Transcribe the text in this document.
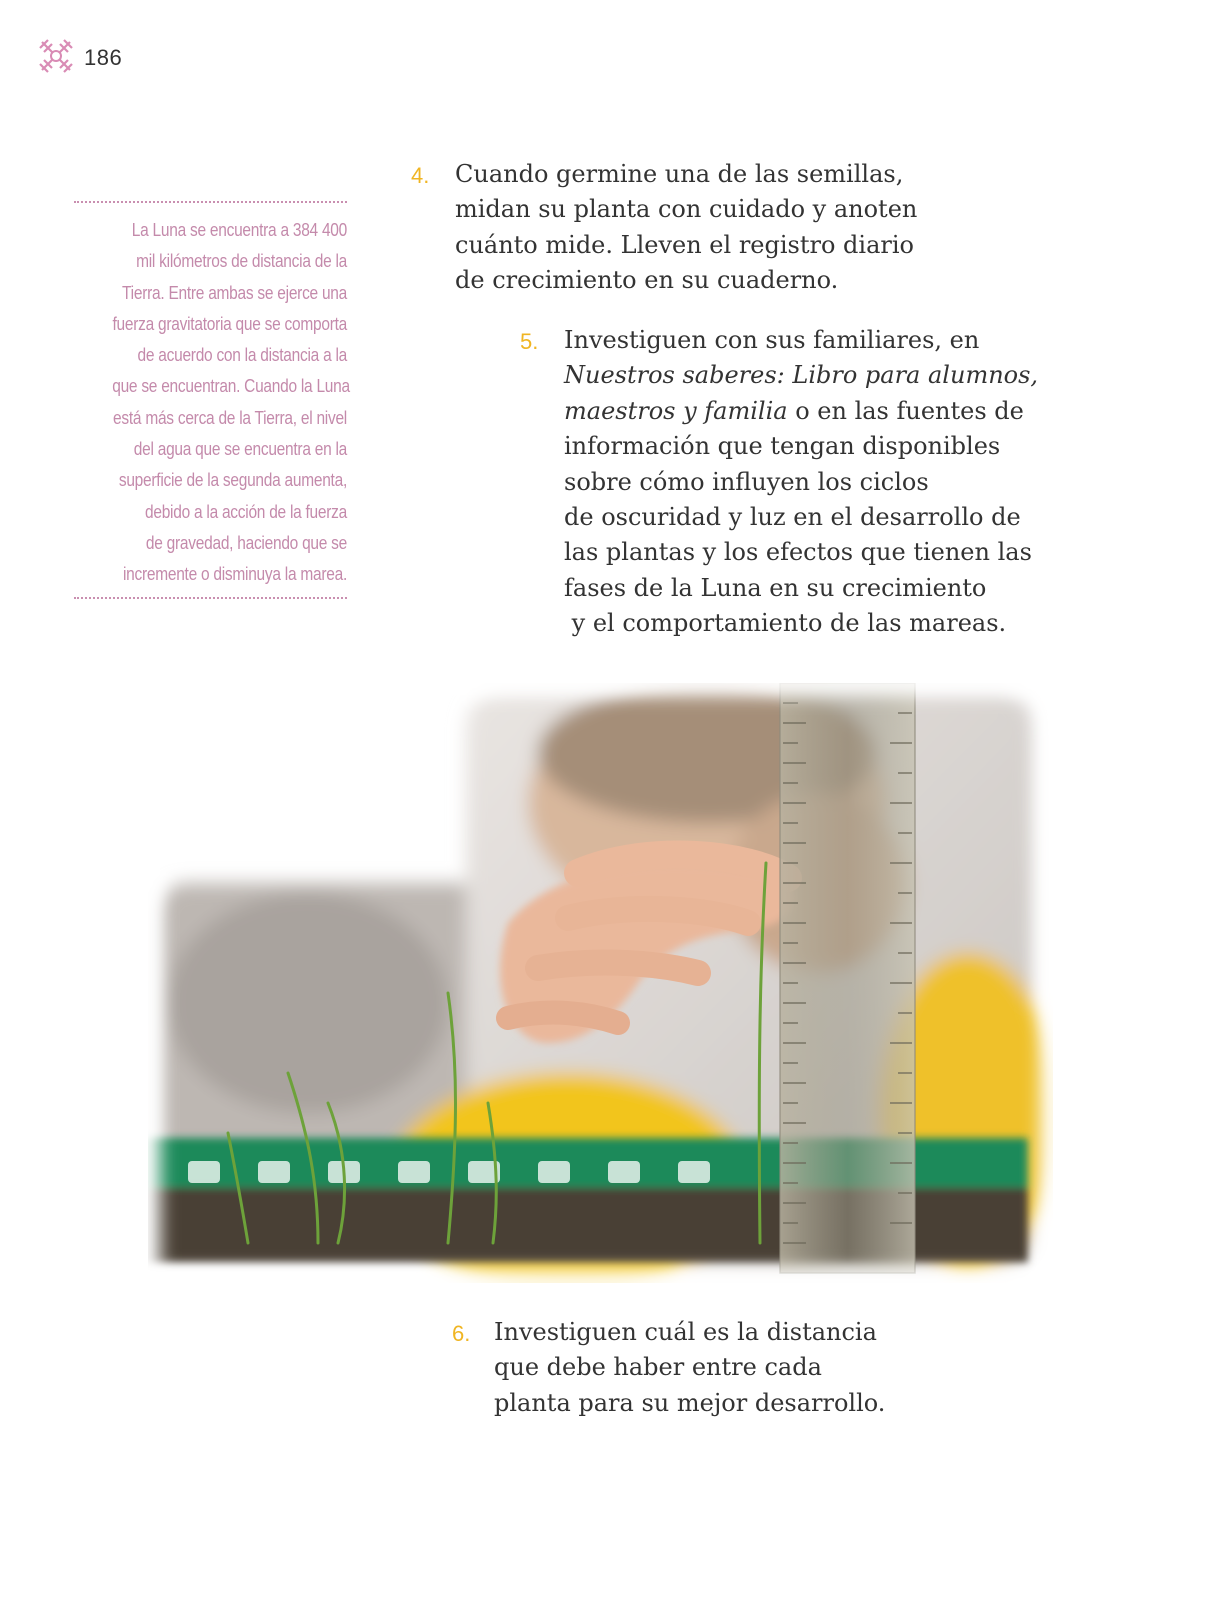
186
La Luna se encuentra a 384 400
mil kilómetros de distancia de la
Tierra. Entre ambas se ejerce una
fuerza gravitatoria que se comporta
de acuerdo con la distancia a la
que se encuentran. Cuando la Luna
está más cerca de la Tierra, el nivel
del agua que se encuentra en la
superficie de la segunda aumenta,
debido a la acción de la fuerza
de gravedad, haciendo que se
incremente o disminuya la marea.
4. Cuando germine una de las semillas,
midan su planta con cuidado y anoten
cuánto mide. Lleven el registro diario
de crecimiento en su cuaderno.
5. Investiguen con sus familiares, en
Nuestros saberes: Libro para alumnos,
maestros y familia o en las fuentes de
información que tengan disponibles
sobre cómo influyen los ciclos
de oscuridad y luz en el desarrollo de
las plantas y los efectos que tienen las
fases de la Luna en su crecimiento
y el comportamiento de las mareas.
6. Investiguen cuál es la distancia
que debe haber entre cada
planta para su mejor desarrollo.
